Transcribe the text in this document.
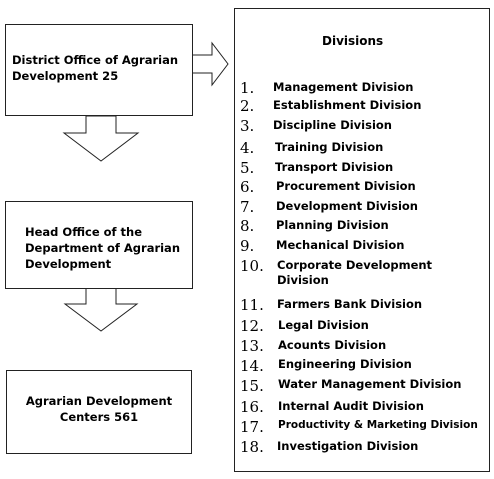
District Office of Agrarian Development 25
Head Office of the Department of Agrarian Development
Agrarian Development Centers 561
Divisions
1. Management Division
2. Establishment Division
3. Discipline Division
4. Training Division
5. Transport Division
6. Procurement Division
7. Development Division
8. Planning Division
9. Mechanical Division
10. Corporate Development Division
11. Farmers Bank Division
12. Legal Division
13. Acounts Division
14. Engineering Division
15. Water Management Division
16. Internal Audit Division
17. Productivity & Marketing Division
18. Investigation Division
